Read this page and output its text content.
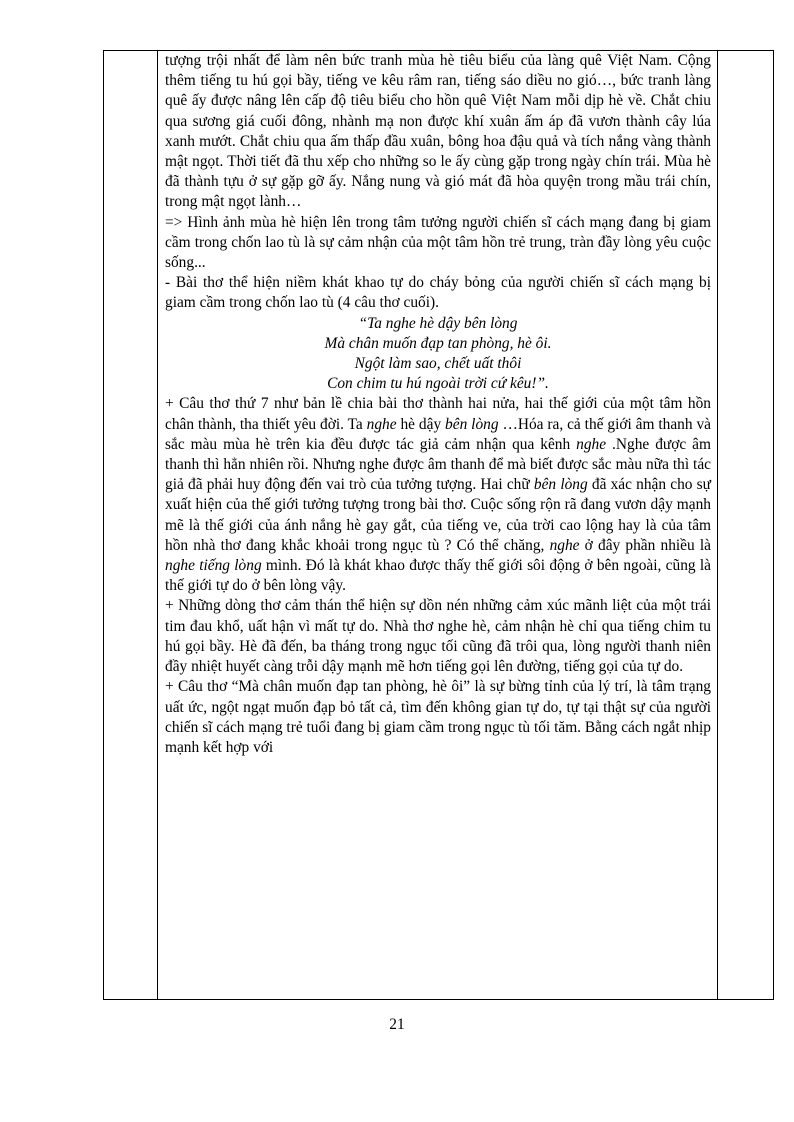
tượng trội nhất để làm nên bức tranh mùa hè tiêu biểu của làng quê Việt Nam. Cộng thêm tiếng tu hú gọi bầy, tiếng ve kêu râm ran, tiếng sáo diều no gió…, bức tranh làng quê ấy được nâng lên cấp độ tiêu biểu cho hồn quê Việt Nam mỗi dịp hè về. Chắt chiu qua sương giá cuối đông, nhành mạ non được khí xuân ấm áp đã vươn thành cây lúa xanh mướt. Chắt chiu qua ấm thấp đầu xuân, bông hoa đậu quả và tích nắng vàng thành mật ngọt. Thời tiết đã thu xếp cho những so le ấy cùng gặp trong ngày chín trái. Mùa hè đã thành tựu ở sự gặp gỡ ấy. Nắng nung và gió mát đã hòa quyện trong mầu trái chín, trong mật ngọt lành…

=> Hình ảnh mùa hè hiện lên trong tâm tưởng người chiến sĩ cách mạng đang bị giam cầm trong chốn lao tù là sự cảm nhận của một tâm hồn trẻ trung, tràn đầy lòng yêu cuộc sống...

- Bài thơ thể hiện niềm khát khao tự do cháy bỏng của người chiến sĩ cách mạng bị giam cầm trong chốn lao tù (4 câu thơ cuối).

“Ta nghe hè dậy bên lòng
Mà chân muốn đạp tan phòng, hè ôi.
Ngột làm sao, chết uất thôi
Con chim tu hú ngoài trời cứ kêu!”.

+ Câu thơ thứ 7 như bản lề chia bài thơ thành hai nửa, hai thế giới của một tâm hồn chân thành, tha thiết yêu đời. Ta nghe hè dậy bên lòng …Hóa ra, cả thế giới âm thanh và sắc màu mùa hè trên kia đều được tác giả cảm nhận qua kênh nghe .Nghe được âm thanh thì hẳn nhiên rồi. Nhưng nghe được âm thanh để mà biết được sắc màu nữa thì tác giả đã phải huy động đến vai trò của tưởng tượng. Hai chữ bên lòng đã xác nhận cho sự xuất hiện của thế giới tưởng tượng trong bài thơ. Cuộc sống rộn rã đang vươn dậy mạnh mẽ là thế giới của ánh nắng hè gay gắt, của tiếng ve, của trời cao lộng hay là của tâm hồn nhà thơ đang khắc khoải trong ngục tù ? Có thể chăng, nghe ở đây phần nhiều là nghe tiếng lòng mình. Đó là khát khao được thấy thế giới sôi động ở bên ngoài, cũng là thế giới tự do ở bên lòng vậy.

+ Những dòng thơ cảm thán thể hiện sự dồn nén những cảm xúc mãnh liệt của một trái tim đau khổ, uất hận vì mất tự do. Nhà thơ nghe hè, cảm nhận hè chỉ qua tiếng chim tu hú gọi bầy. Hè đã đến, ba tháng trong ngục tối cũng đã trôi qua, lòng người thanh niên đầy nhiệt huyết càng trỗi dậy mạnh mẽ hơn tiếng gọi lên đường, tiếng gọi của tự do.

+ Câu thơ “Mà chân muốn đạp tan phòng, hè ôi” là sự bừng tỉnh của lý trí, là tâm trạng uất ức, ngột ngạt muốn đạp bỏ tất cả, tìm đến không gian tự do, tự tại thật sự của người chiến sĩ cách mạng trẻ tuổi đang bị giam cầm trong ngục tù tối tăm. Bằng cách ngắt nhịp mạnh kết hợp với

21
